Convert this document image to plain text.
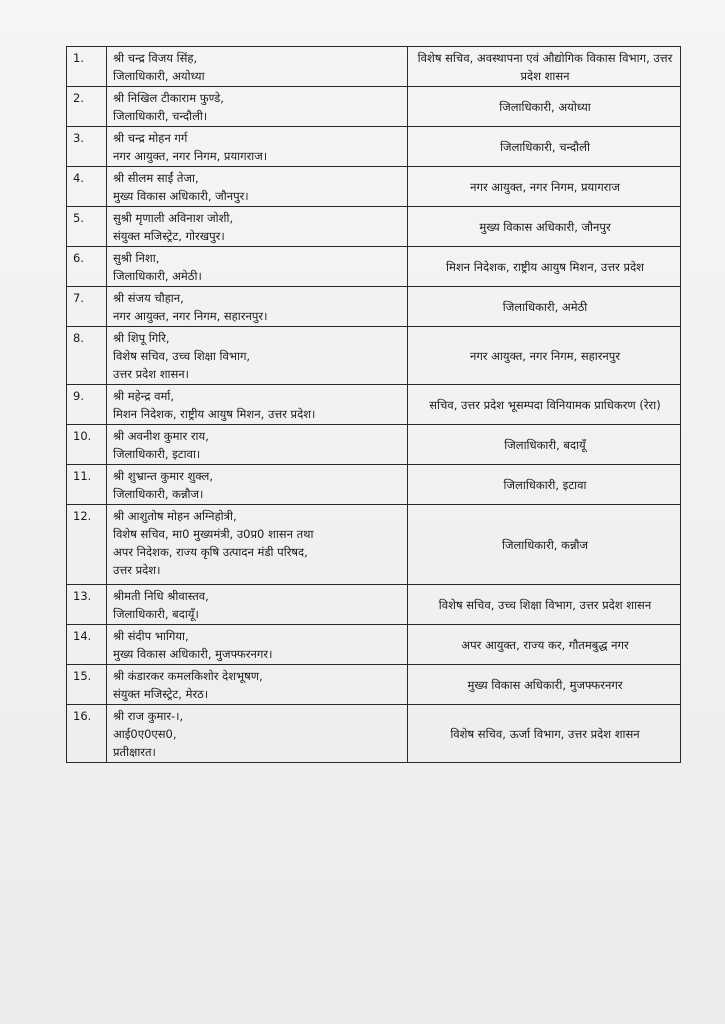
1.	श्री चन्द्र विजय सिंह,
जिलाधिकारी, अयोध्या	विशेष सचिव, अवस्थापना एवं औद्योगिक विकास विभाग, उत्तर प्रदेश शासन
2.	श्री निखिल टीकाराम फुण्डे,
जिलाधिकारी, चन्दौली।	जिलाधिकारी, अयोध्या
3.	श्री चन्द्र मोहन गर्ग
नगर आयुक्त, नगर निगम, प्रयागराज।	जिलाधिकारी, चन्दौली
4.	श्री सीलम साईं तेजा,
मुख्य विकास अधिकारी, जौनपुर।	नगर आयुक्त, नगर निगम, प्रयागराज
5.	सुश्री मृणाली अविनाश जोशी,
संयुक्त मजिस्ट्रेट, गोरखपुर।	मुख्य विकास अधिकारी, जौनपुर
6.	सुश्री निशा,
जिलाधिकारी, अमेठी।	मिशन निदेशक, राष्ट्रीय आयुष मिशन, उत्तर प्रदेश
7.	श्री संजय चौहान,
नगर आयुक्त, नगर निगम, सहारनपुर।	जिलाधिकारी, अमेठी
8.	श्री शिपू गिरि,
विशेष सचिव, उच्च शिक्षा विभाग,
उत्तर प्रदेश शासन।	नगर आयुक्त, नगर निगम, सहारनपुर
9.	श्री महेन्द्र वर्मा,
मिशन निदेशक, राष्ट्रीय आयुष मिशन, उत्तर प्रदेश।	सचिव, उत्तर प्रदेश भूसम्पदा विनियामक प्राधिकरण (रेरा)
10.	श्री अवनीश कुमार राय,
जिलाधिकारी, इटावा।	जिलाधिकारी, बदायूँ
11.	श्री शुभ्रान्त कुमार शुक्ल,
जिलाधिकारी, कन्नौज।	जिलाधिकारी, इटावा
12.	श्री आशुतोष मोहन अग्निहोत्री,
विशेष सचिव, मा0 मुख्यमंत्री, उ0प्र0 शासन तथा
अपर निदेशक, राज्य कृषि उत्पादन मंडी परिषद,
उत्तर प्रदेश।	जिलाधिकारी, कन्नौज
13.	श्रीमती निधि श्रीवास्तव,
जिलाधिकारी, बदायूँ।	विशेष सचिव, उच्च शिक्षा विभाग, उत्तर प्रदेश शासन
14.	श्री संदीप भागिया,
मुख्य विकास अधिकारी, मुजफ्फरनगर।	अपर आयुक्त, राज्य कर, गौतमबुद्ध नगर
15.	श्री कंडारकर कमलकिशोर देशभूषण,
संयुक्त मजिस्ट्रेट, मेरठ।	मुख्य विकास अधिकारी, मुजफ्फरनगर
16.	श्री राज कुमार-।,
आई0ए0एस0,
प्रतीक्षारत।	विशेष सचिव, ऊर्जा विभाग, उत्तर प्रदेश शासन
